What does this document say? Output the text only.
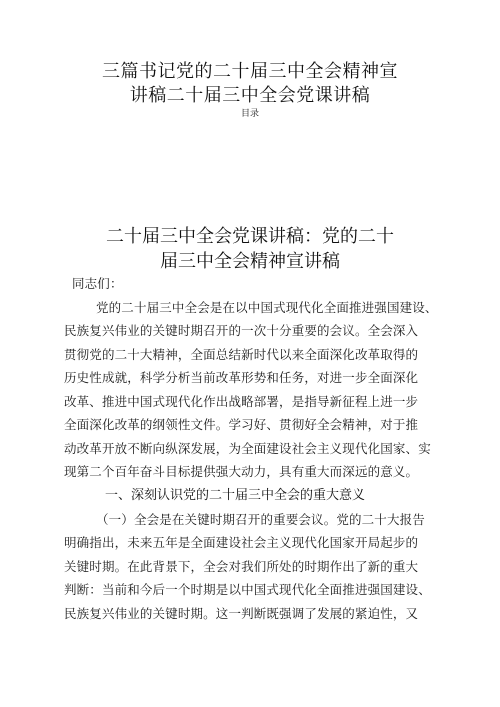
三篇书记党的二十届三中全会精神宣
讲稿二十届三中全会党课讲稿
目录
二十届三中全会党课讲稿：党的二十
届三中全会精神宣讲稿
同志们：
党的二十届三中全会是在以中国式现代化全面推进强国建设、
民族复兴伟业的关键时期召开的一次十分重要的会议。全会深入
贯彻党的二十大精神，全面总结新时代以来全面深化改革取得的
历史性成就，科学分析当前改革形势和任务，对进一步全面深化
改革、推进中国式现代化作出战略部署，是指导新征程上进一步
全面深化改革的纲领性文件。学习好、贯彻好全会精神，对于推
动改革开放不断向纵深发展，为全面建设社会主义现代化国家、实
现第二个百年奋斗目标提供强大动力，具有重大而深远的意义。
一、深刻认识党的二十届三中全会的重大意义
（一）全会是在关键时期召开的重要会议。党的二十大报告
明确指出，未来五年是全面建设社会主义现代化国家开局起步的
关键时期。在此背景下，全会对我们所处的时期作出了新的重大
判断：当前和今后一个时期是以中国式现代化全面推进强国建设、
民族复兴伟业的关键时期。这一判断既强调了发展的紧迫性，又
